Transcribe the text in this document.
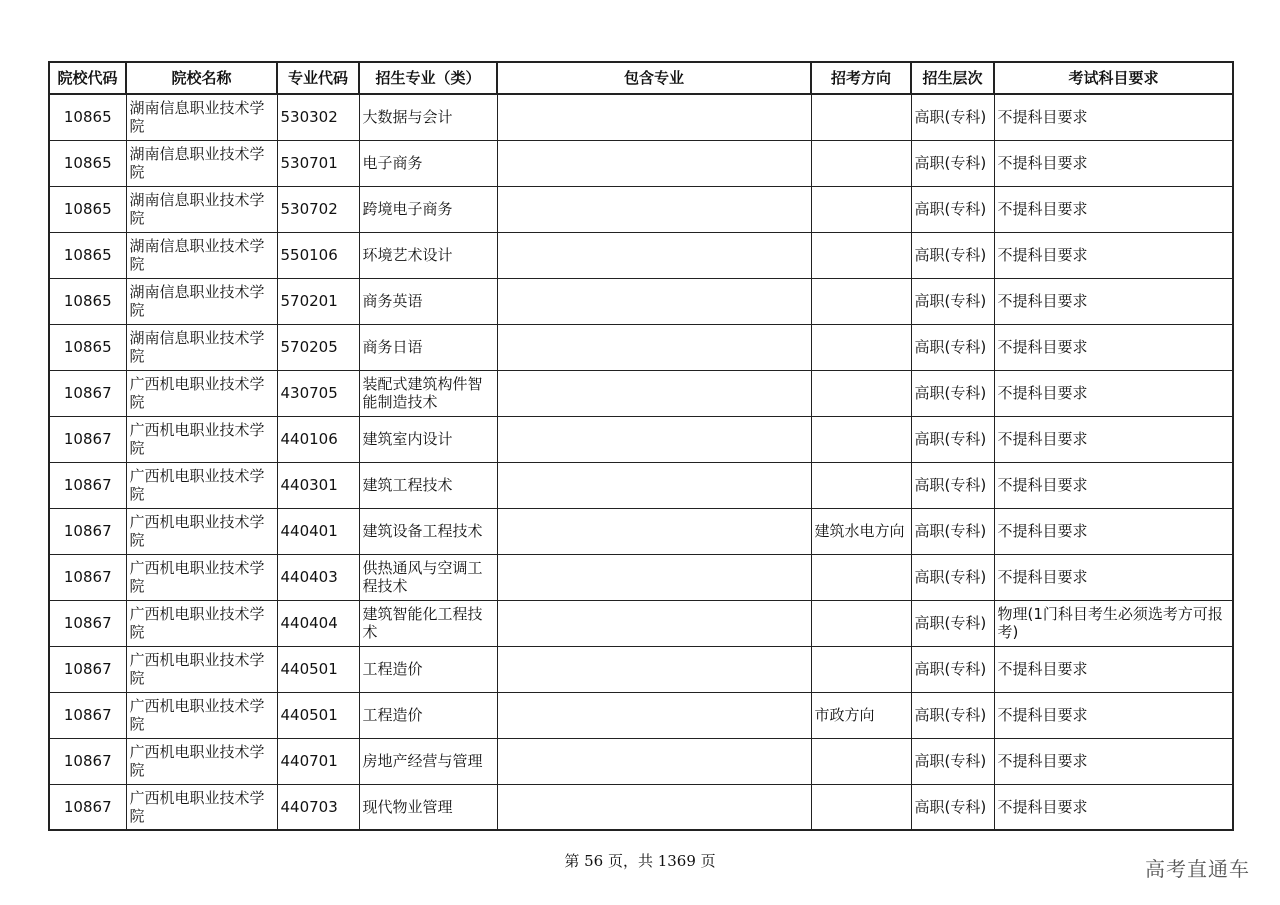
院校代码	院校名称	专业代码	招生专业（类）	包含专业	招考方向	招生层次	考试科目要求
10865	湖南信息职业技术学院	530302	大数据与会计			高职(专科)	不提科目要求
10865	湖南信息职业技术学院	530701	电子商务			高职(专科)	不提科目要求
10865	湖南信息职业技术学院	530702	跨境电子商务			高职(专科)	不提科目要求
10865	湖南信息职业技术学院	550106	环境艺术设计			高职(专科)	不提科目要求
10865	湖南信息职业技术学院	570201	商务英语			高职(专科)	不提科目要求
10865	湖南信息职业技术学院	570205	商务日语			高职(专科)	不提科目要求
10867	广西机电职业技术学院	430705	装配式建筑构件智能制造技术			高职(专科)	不提科目要求
10867	广西机电职业技术学院	440106	建筑室内设计			高职(专科)	不提科目要求
10867	广西机电职业技术学院	440301	建筑工程技术			高职(专科)	不提科目要求
10867	广西机电职业技术学院	440401	建筑设备工程技术		建筑水电方向	高职(专科)	不提科目要求
10867	广西机电职业技术学院	440403	供热通风与空调工程技术			高职(专科)	不提科目要求
10867	广西机电职业技术学院	440404	建筑智能化工程技术			高职(专科)	物理(1门科目考生必须选考方可报考)
10867	广西机电职业技术学院	440501	工程造价			高职(专科)	不提科目要求
10867	广西机电职业技术学院	440501	工程造价		市政方向	高职(专科)	不提科目要求
10867	广西机电职业技术学院	440701	房地产经营与管理			高职(专科)	不提科目要求
10867	广西机电职业技术学院	440703	现代物业管理			高职(专科)	不提科目要求
第 56 页，共 1369 页	高考直通车
